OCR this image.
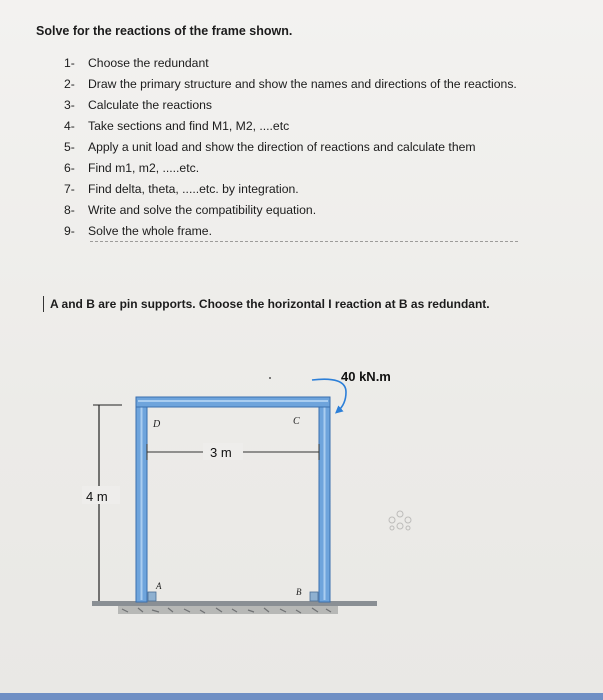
Solve for the reactions of the frame shown.
1- Choose the redundant
2- Draw the primary structure and show the names and directions of the reactions.
3- Calculate the reactions
4- Take sections and find M1, M2, ....etc
5- Apply a unit load and show the direction of reactions and calculate them
6- Find m1, m2, .....etc.
7- Find delta, theta, .....etc. by integration.
8- Write and solve the compatibility equation.
9- Solve the whole frame.
A and B are pin supports. Choose the horizontal I reaction at B as redundant.
4 m
3 m
D	C
A
B
40 kN.m
